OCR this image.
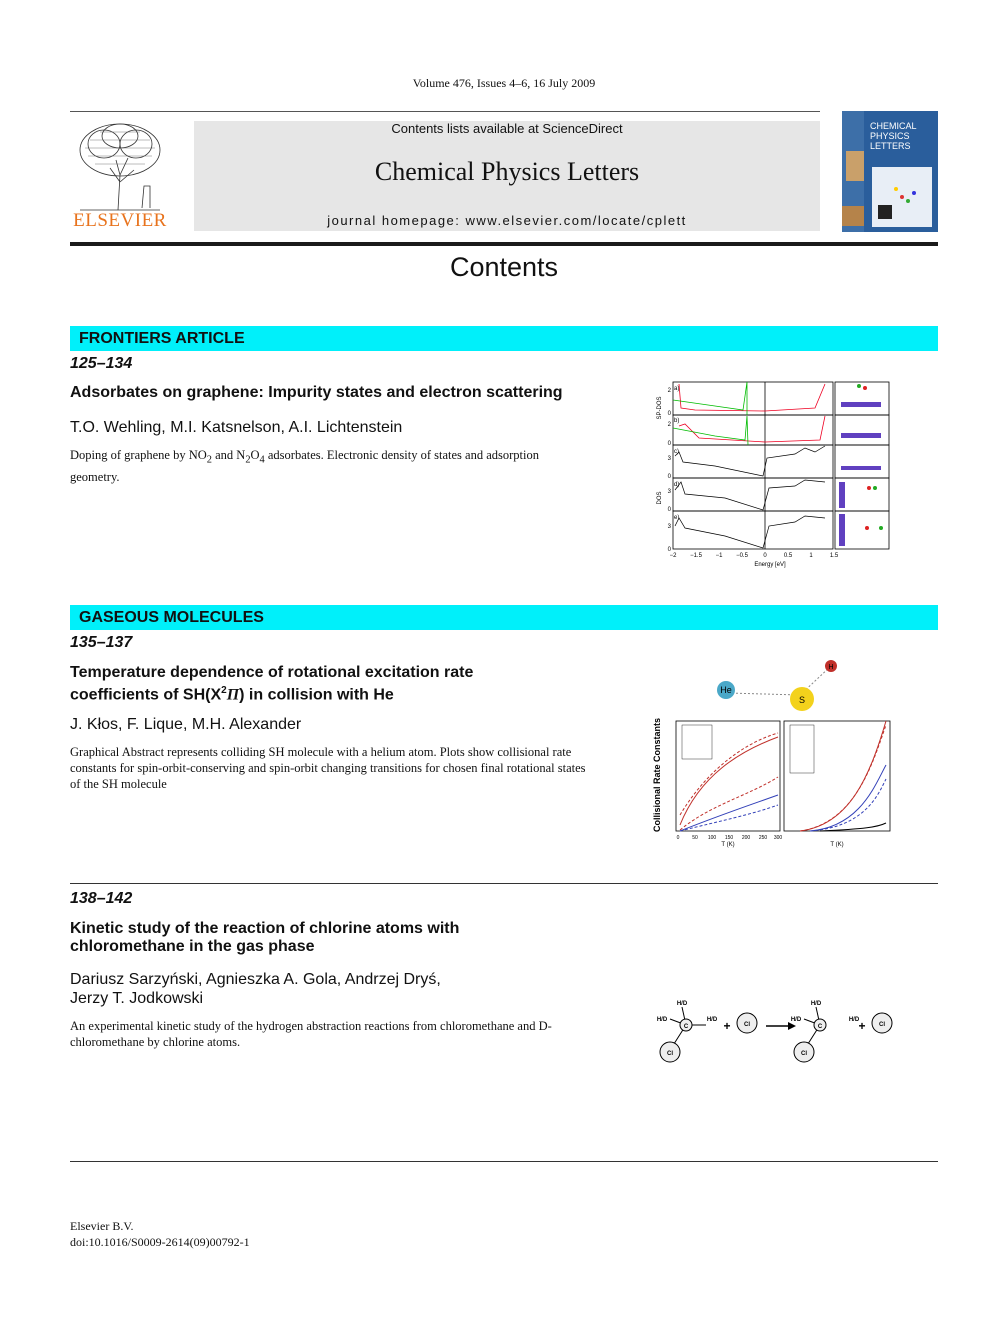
Volume 476, Issues 4–6, 16 July 2009
ELSEVIER
Contents lists available at ScienceDirect
Chemical Physics Letters
journal homepage: www.elsevier.com/locate/cplett
CHEMICAL
PHYSICS
LETTERS
Contents
FRONTIERS ARTICLE
125–134
Adsorbates on graphene: Impurity states and electron scattering
T.O. Wehling, M.I. Katsnelson, A.I. Lichtenstein
Doping of graphene by $NO_2$ and $N_2O_4$ adsorbates. Electronic density of states and adsorption geometry.
SP-DOS
DOS
a)
b)
c)
d)
e)
2
0
2
0
3
0
3
0
3
0
−2 −1.5 −1 −0.5	0	0.5	1	1.5
Energy [eV]
GASEOUS MOLECULES
135–137
Temperature dependence of rotational excitation rate
coefficients of $SH(X^2\Pi)$ in collision with He
J. Kłos, F. Lique, M.H. Alexander
Graphical Abstract represents colliding SH molecule with a helium atom. Plots show collisional rate constants for spin-orbit-conserving and spin-orbit changing transitions for chosen final rotational states of the SH molecule
He
S
H
Collisional Rate Constants
0	50 100 150 200 250 300
T (K)	T (K)
138–142
Kinetic study of the reaction of chlorine atoms with
chloromethane in the gas phase
Dariusz Sarzyński, Agnieszka A. Gola, Andrzej Dryś,
Jerzy T. Jodkowski
An experimental kinetic study of the hydrogen abstraction reactions from chloromethane and D-chloromethane by chlorine atoms.
H/D
H/D	H/D
C
Cl
Cl
H/D
H/D	H/D
C
Cl
Cl
+	+
Elsevier B.V.
doi:10.1016/S0009-2614(09)00792-1
